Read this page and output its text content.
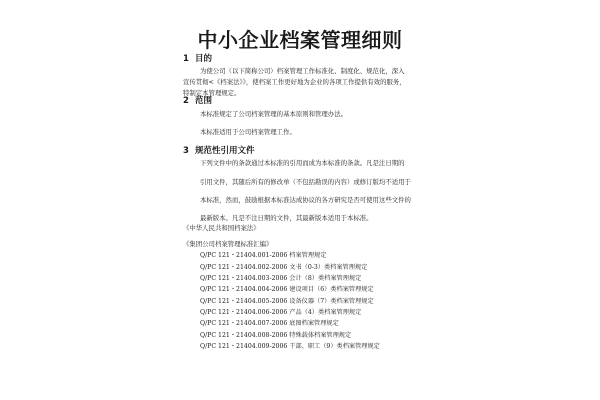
中小企业档案管理细则
1 目的
为使公司（以下简称公司）档案管理工作标准化、制度化、规范化，深入
宣传贯彻<《档案法》》，使档案工作更好地为企业的各项工作提供有效的服务，
特制定本管理规定。
2 范围
本标准规定了公司档案管理的基本原则和管理办法。
本标准适用于公司档案管理工作。
3 规范性引用文件
下列文件中的条款通过本标准的引用而成为本标准的条款。凡是注日期的
引用文件，其随后所有的修改单（不包括勘误的内容）或修订版均不适用于
本标准，然而，鼓励根据本标准达成协议的各方研究是否可使用这些文件的
最新版本。凡是不注日期的文件，其最新版本适用于本标准。
《中华人民共和国档案法》
《集团公司档案管理标准汇编》
Q/PC 121・21404.001-2006 档案管理规定
Q/PC 121・21404.002-2006 文书（0-3）类档案管理规定
Q/PC 121・21404.003-2006 会计（8）类档案管理规定
Q/PC 121・21404.004-2006 建设项目（6）类档案管理规定
Q/PC 121・21404.005-2006 设备仪器（7）类档案管理规定
Q/PC 121・21404.006-2006 产品（4）类档案管理规定
Q/PC 121・21404.007-2006 底图档案管理规定
Q/PC 121・21404.008-2006 特殊载体档案管理规定
Q/PC 121・21404.009-2006 干部、职工（9）类档案管理规定
